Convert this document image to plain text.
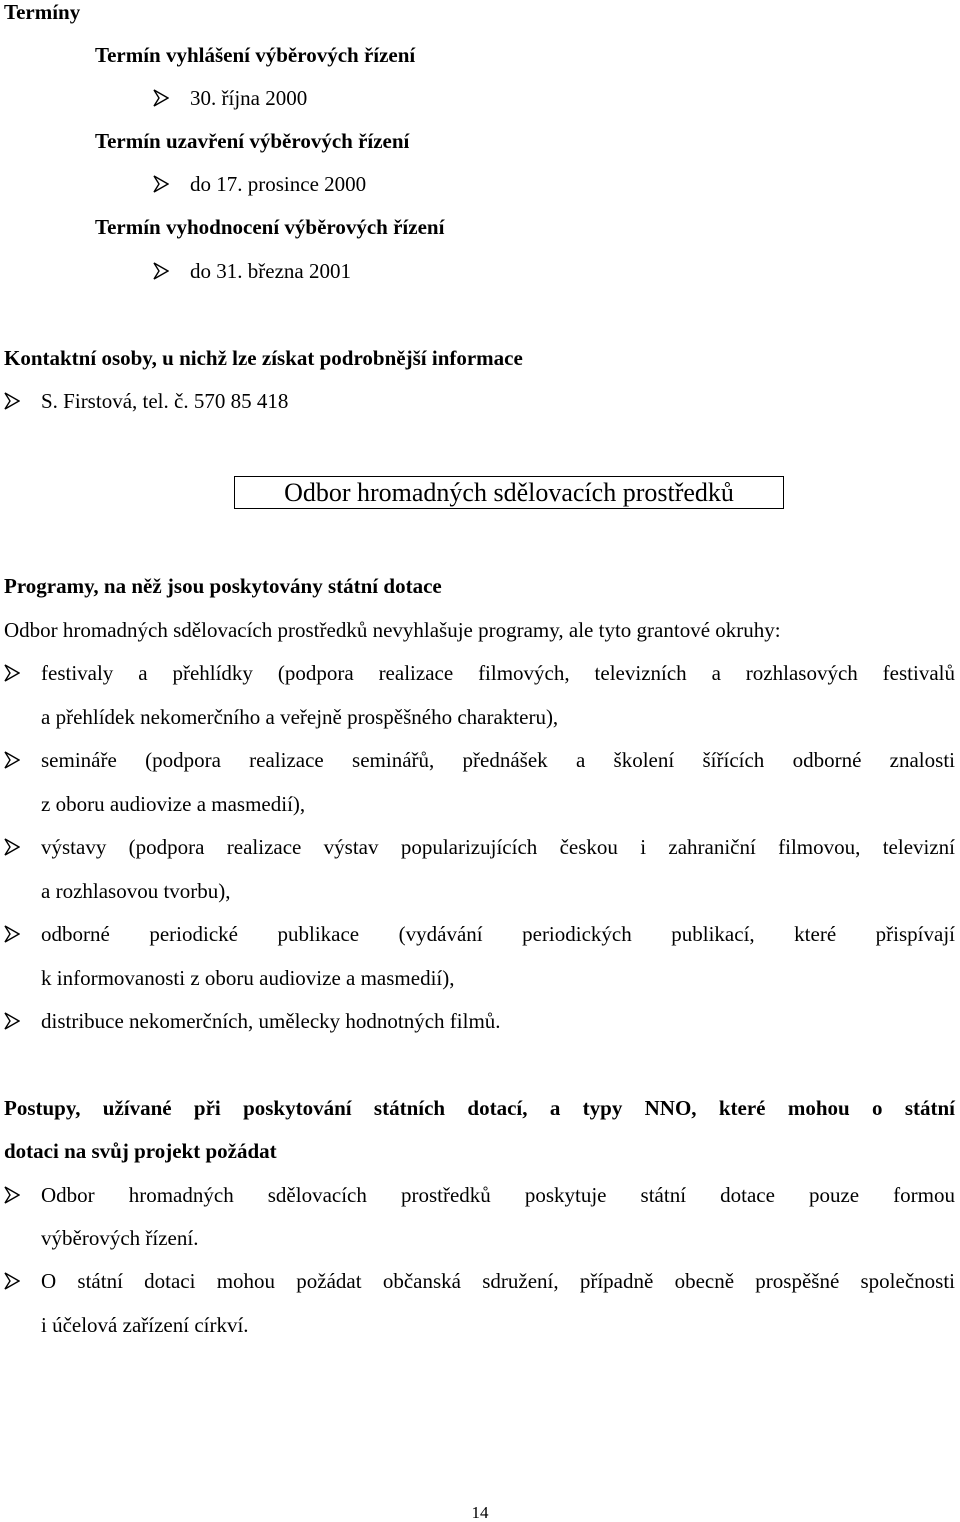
Termíny
Termín vyhlášení výběrových řízení
30. října 2000
Termín uzavření výběrových řízení
do 17. prosince 2000
Termín vyhodnocení výběrových řízení
do 31. března 2001
Kontaktní osoby, u nichž lze získat podrobnější informace
S. Firstová, tel. č. 570 85 418
Odbor hromadných sdělovacích prostředků
Programy, na něž jsou poskytovány státní dotace
Odbor hromadných sdělovacích prostředků nevyhlašuje programy, ale tyto grantové okruhy:
festivaly a přehlídky (podpora realizace filmových, televizních a rozhlasových festivalů
a přehlídek nekomerčního a veřejně prospěšného charakteru),
semináře (podpora realizace seminářů, přednášek a školení šířících odborné znalosti
z oboru audiovize a masmedií),
výstavy (podpora realizace výstav popularizujících českou i zahraniční filmovou, televizní
a rozhlasovou tvorbu),
odborné periodické publikace (vydávání periodických publikací, které přispívají
k informovanosti z oboru audiovize a masmedií),
distribuce nekomerčních, umělecky hodnotných filmů.
Postupy, užívané při poskytování státních dotací, a typy NNO, které mohou o státní
dotaci na svůj projekt požádat
Odbor hromadných sdělovacích prostředků poskytuje státní dotace pouze formou
výběrových řízení.
O státní dotaci mohou požádat občanská sdružení, případně obecně prospěšné společnosti
i účelová zařízení církví.
14
